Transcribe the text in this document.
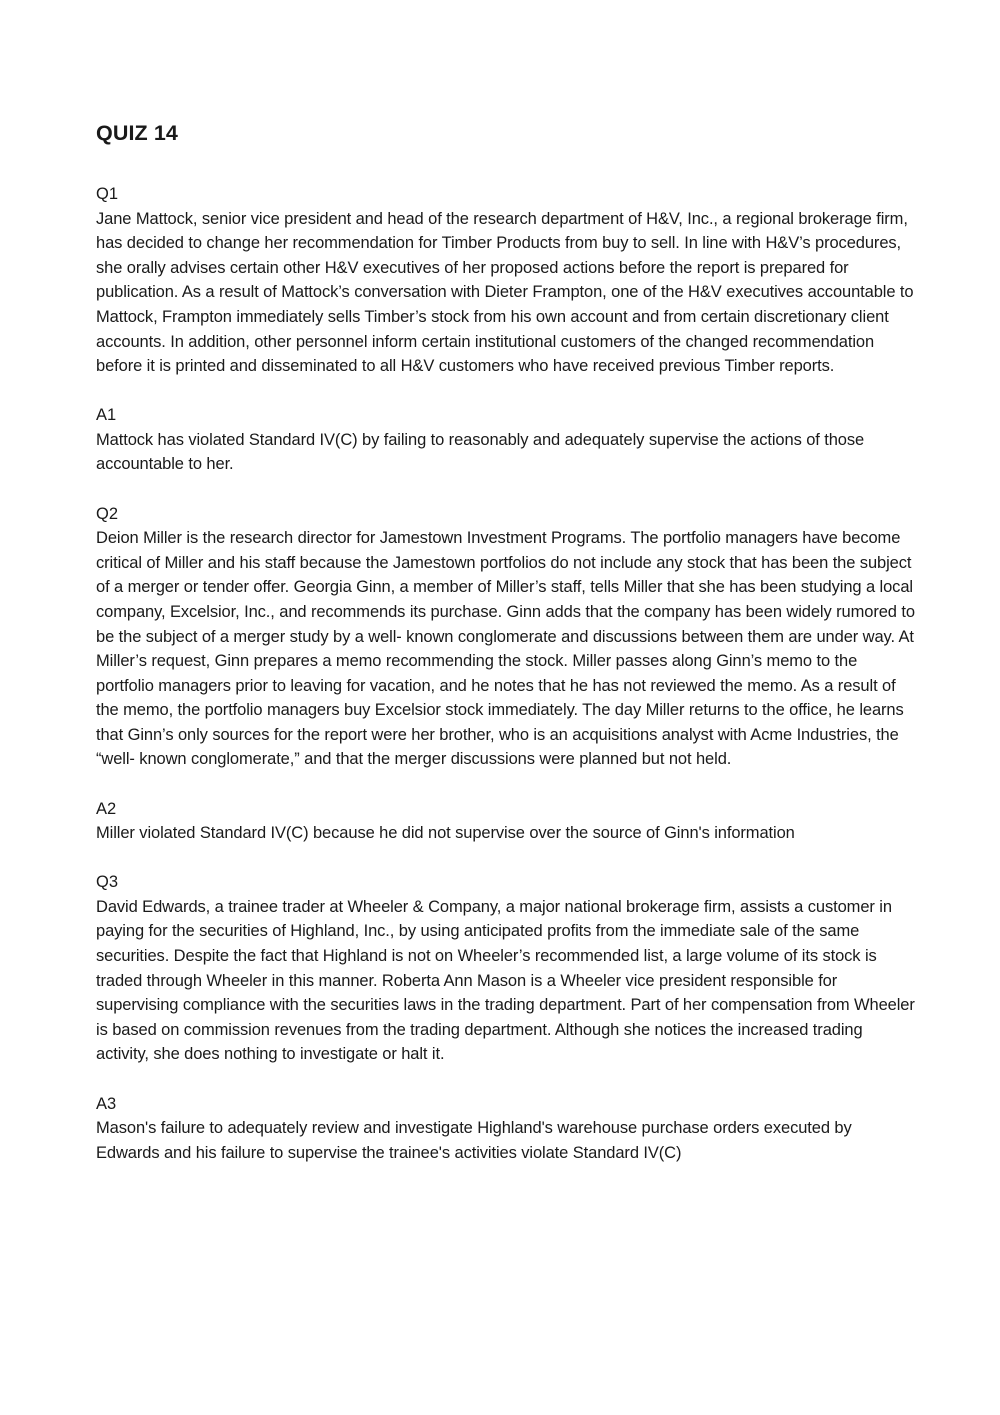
QUIZ 14

Q1

Jane Mattock, senior vice president and head of the research department of H&V, Inc., a regional brokerage firm, has decided to change her recommendation for Timber Products from buy to sell. In line with H&V’s procedures, she orally advises certain other H&V executives of her proposed actions before the report is prepared for publication. As a result of Mattock’s conversation with Dieter Frampton, one of the H&V executives accountable to Mattock, Frampton immediately sells Timber’s stock from his own account and from certain discretionary client accounts. In addition, other personnel inform certain institutional customers of the changed recommendation before it is printed and disseminated to all H&V customers who have received previous Timber reports.

A1

Mattock has violated Standard IV(C) by failing to reasonably and adequately supervise the actions of those accountable to her.

Q2

Deion Miller is the research director for Jamestown Investment Programs. The portfolio managers have become critical of Miller and his staff because the Jamestown portfolios do not include any stock that has been the subject of a merger or tender offer. Georgia Ginn, a member of Miller’s staff, tells Miller that she has been studying a local company, Excelsior, Inc., and recommends its purchase. Ginn adds that the company has been widely rumored to be the subject of a merger study by a well- known conglomerate and discussions between them are under way. At Miller’s request, Ginn prepares a memo recommending the stock. Miller passes along Ginn’s memo to the portfolio managers prior to leaving for vacation, and he notes that he has not reviewed the memo. As a result of the memo, the portfolio managers buy Excelsior stock immediately. The day Miller returns to the office, he learns that Ginn’s only sources for the report were her brother, who is an acquisitions analyst with Acme Industries, the “well- known conglomerate,” and that the merger discussions were planned but not held.

A2

Miller violated Standard IV(C) because he did not supervise over the source of Ginn's information

Q3

David Edwards, a trainee trader at Wheeler & Company, a major national brokerage firm, assists a customer in paying for the securities of Highland, Inc., by using anticipated profits from the immediate sale of the same securities. Despite the fact that Highland is not on Wheeler’s recommended list, a large volume of its stock is traded through Wheeler in this manner. Roberta Ann Mason is a Wheeler vice president responsible for supervising compliance with the securities laws in the trading department. Part of her compensation from Wheeler is based on commission revenues from the trading department. Although she notices the increased trading activity, she does nothing to investigate or halt it.

A3

Mason's failure to adequately review and investigate Highland's warehouse purchase orders executed by Edwards and his failure to supervise the trainee's activities violate Standard IV(C)
